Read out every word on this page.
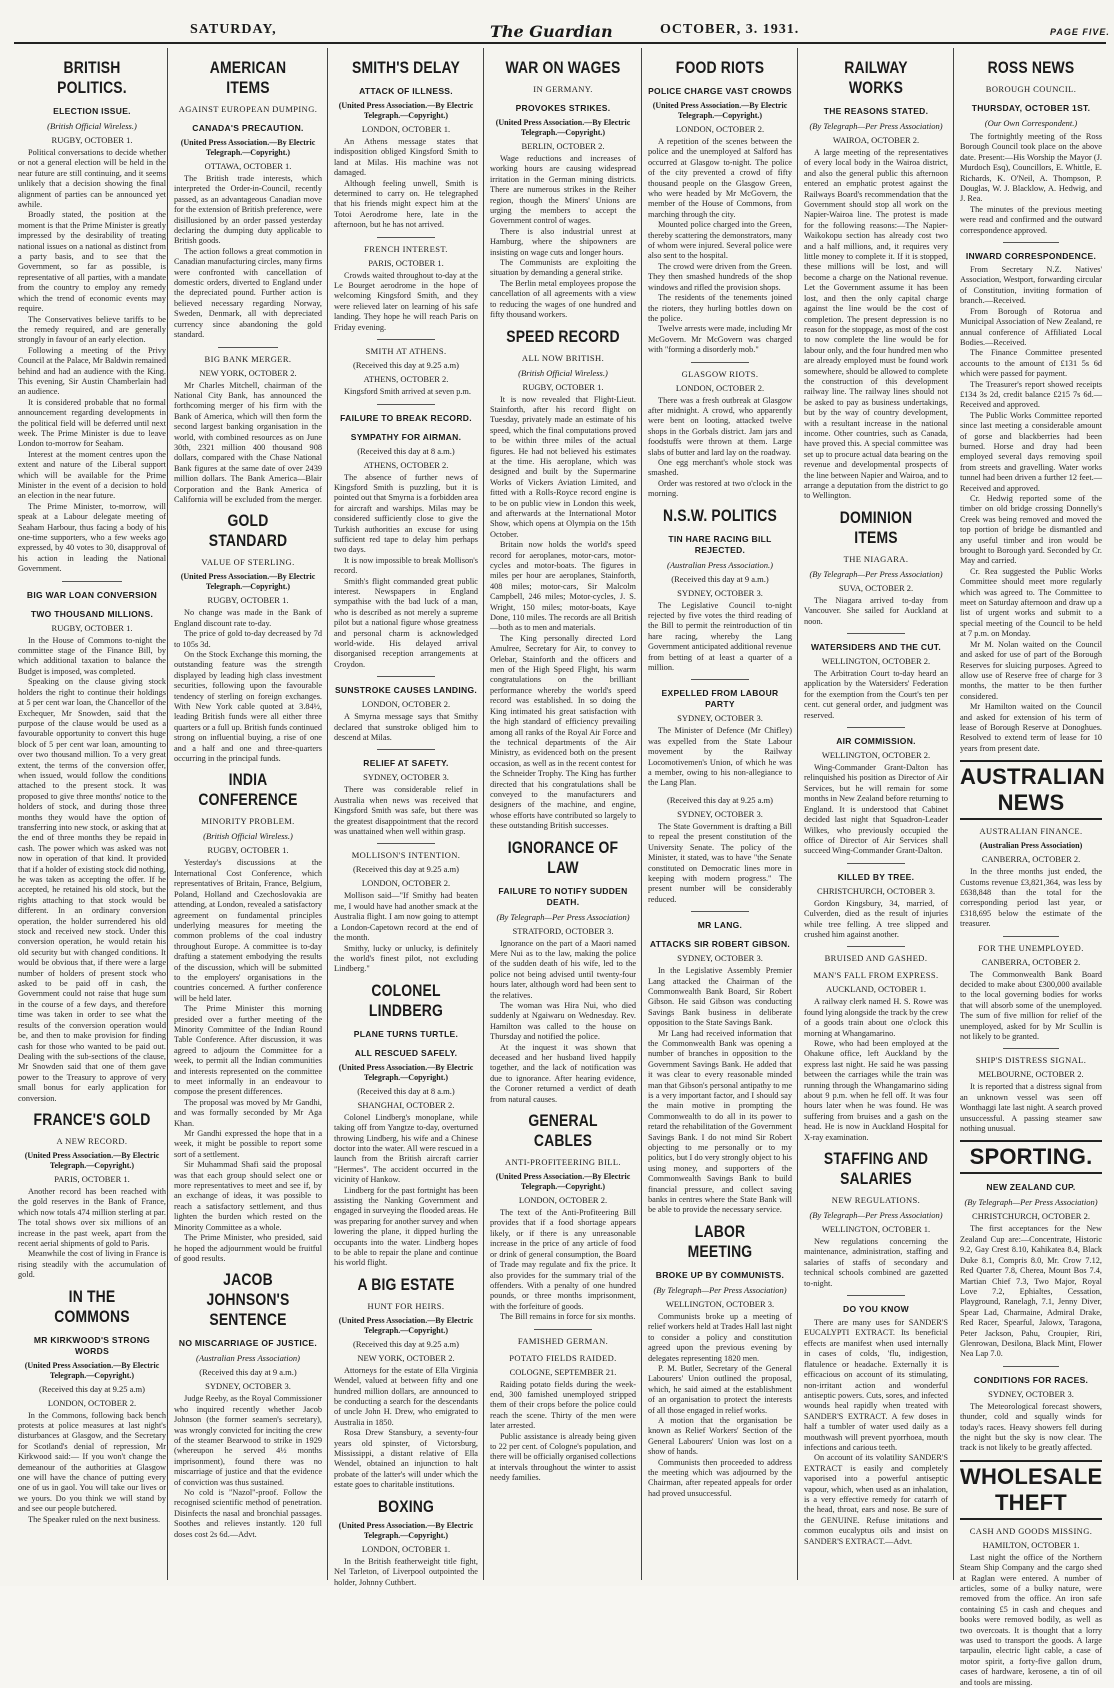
SATURDAY,	The Guardian	OCTOBER, 3. 1931.	PAGE FIVE.
BRITISH POLITICS.
ELECTION ISSUE.
(British Official Wireless.)
RUGBY, OCTOBER 1.

Political conversations to decide whether or not a general election will be held in the near future are still continuing, and it seems unlikely that a decision showing the final alignment of parties can be announced yet awhile.

Broadly stated, the position at the moment is that the Prime Minister is greatly impressed by the desirability of treating national issues on a national as distinct from a party basis, and to see that the Government, so far as possible, is representative of all parties, with a mandate from the country to employ any remedy which the trend of economic events may require.

The Conservatives believe tariffs to be the remedy required, and are generally strongly in favour of an early election.

Following a meeting of the Privy Council at the Palace, Mr Baldwin remained behind and had an audience with the King. This evening, Sir Austin Chamberlain had an audience.

It is considered probable that no formal announcement regarding developments in the political field will be deferred until next week. The Prime Minister is due to leave London to-morrow for Seaham.

Interest at the moment centres upon the extent and nature of the Liberal support which will be available for the Prime Minister in the event of a decision to hold an election in the near future.

The Prime Minister, to-morrow, will speak at a Labour delegate meeting of Seaham Harbour, thus facing a body of his one-time supporters, who a few weeks ago expressed, by 40 votes to 30, disapproval of his action in leading the National Government.

BIG WAR LOAN CONVERSION
TWO THOUSAND MILLIONS.
RUGBY, OCTOBER 1.

In the House of Commons to-night the committee stage of the Finance Bill, by which additional taxation to balance the Budget is imposed, was completed.

Speaking on the clause giving stock holders the right to continue their holdings at 5 per cent war loan, the Chancellor of the Exchequer, Mr Snowden, said that the purpose of the clause would be used as a favourable opportunity to convert this huge block of 5 per cent war loan, amounting to over two thousand million. To a very great extent, the terms of the conversion offer, when issued, would follow the conditions attached to the present stock. It was proposed to give three months' notice to the holders of stock, and during those three months they would have the option of transferring into new stock, or asking that at the end of three months they be repaid in cash. The power which was asked was not now in operation of that kind. It provided that if a holder of existing stock did nothing, he was taken as accepting the offer. If he accepted, he retained his old stock, but the rights attaching to that stock would be different. In an ordinary conversion operation, the holder surrendered his old stock and received new stock. Under this conversion operation, he would retain his old security but with changed conditions. It would be obvious that, if there were a large number of holders of present stock who asked to be paid off in cash, the Government could not raise that huge sum in the course of a few days, and therefore time was taken in order to see what the results of the conversion operation would be, and then to make provision for finding cash for those who wanted to be paid out. Dealing with the sub-sections of the clause, Mr Snowden said that one of them gave power to the Treasury to approve of very small bonus for early application for conversion.

FRANCE'S GOLD
A NEW RECORD.
(United Press Association.—By Electric Telegraph.—Copyright.)
PARIS, OCTOBER 1.

Another record has been reached with the gold reserves in the Bank of France, which now totals 474 million sterling at par. The total shows over six millions of an increase in the past week, apart from the recent aerial shipments of gold to Paris.

Meanwhile the cost of living in France is rising steadily with the accumulation of gold.

IN THE COMMONS
MR KIRKWOOD'S STRONG WORDS
(United Press Association.—By Electric Telegraph.—Copyright.)
(Received this day at 9.25 a.m)
LONDON, OCTOBER 2.

In the Commons, following back bench protests at police measures at last night's disturbances at Glasgow, and the Secretary for Scotland's denial of repression, Mr Kirkwood said:— If you won't change the demeanour of the authorities at Glasgow one will have the chance of putting every one of us in gaol. You will take our lives or we yours. Do you think we will stand by and see our people butchered.

The Speaker ruled on the next business.

AMERICAN ITEMS
AGAINST EUROPEAN DUMPING.
CANADA'S PRECAUTION.
(United Press Association.—By Electric Telegraph.—Copyright.)
OTTAWA, OCTOBER 1.

The British trade interests, which interpreted the Order-in-Council, recently passed, as an advantageous Canadian move for the extension of British preference, were disillusioned by an order passed yesterday declaring the dumping duty applicable to British goods.

The action follows a great commotion in Canadian manufacturing circles, many firms were confronted with cancellation of domestic orders, diverted to England under the depreciated pound. Further action is believed necessary regarding Norway, Sweden, Denmark, all with depreciated currency since abandoning the gold standard.

BIG BANK MERGER.
NEW YORK, OCTOBER 2.

Mr Charles Mitchell, chairman of the National City Bank, has announced the forthcoming merger of his firm with the Bank of America, which will then form the second largest banking organisation in the world, with combined resources as on June 30th, 2321 million 400 thousand 908 dollars, compared with the Chase National Bank figures at the same date of over 2439 million dollars. The Bank America—Blair Corporation and the Bank America of California will be excluded from the merger.

GOLD STANDARD
VALUE OF STERLING.
(United Press Association.—By Electric Telegraph.—Copyright.)
RUGBY, OCTOBER 1.

No change was made in the Bank of England discount rate to-day.

The price of gold to-day decreased by 7d to 105s 3d.

On the Stock Exchange this morning, the outstanding feature was the strength displayed by leading high class investment securities, following upon the favourable tendency of sterling on foreign exchanges. With New York cable quoted at 3.84½, leading British funds were all either three quarters or a full up. British funds continued strong on influential buying, a rise of one and a half and one and three-quarters occurring in the principal funds.

INDIA CONFERENCE
MINORITY PROBLEM.
(British Official Wireless.)
RUGBY, OCTOBER 1.

Yesterday's discussions at the International Cost Conference, which representatives of Britain, France, Belgium, Poland, Holland and Czechoslovakia are attending, at London, revealed a satisfactory agreement on fundamental principles underlying measures for meeting the common problems of the coal industry throughout Europe. A committee is to-day drafting a statement embodying the results of the discussion, which will be submitted to the employers' organisations in the countries concerned. A further conference will be held later.

The Prime Minister this morning presided over a further meeting of the Minority Committee of the Indian Round Table Conference. After discussion, it was agreed to adjourn the Committee for a week, to permit all the Indian communities and interests represented on the committee to meet informally in an endeavour to compose the present differences.

The proposal was moved by Mr Gandhi, and was formally seconded by Mr Aga Khan.

Mr Gandhi expressed the hope that in a week, it might be possible to report some sort of a settlement.

Sir Muhammad Shafi said the proposal was that each group should select one or more representatives to meet and see if, by an exchange of ideas, it was possible to reach a satisfactory settlement, and thus lighten the burden which rested on the Minority Committee as a whole.

The Prime Minister, who presided, said he hoped the adjournment would be fruitful of good results.

JACOB JOHNSON'S SENTENCE
NO MISCARRIAGE OF JUSTICE.
(Australian Press Association)
(Received this day at 9 a.m.)
SYDNEY, OCTOBER 3.

Judge Reeby, as the Royal Commissioner who inquired recently whether Jacob Johnson (the former seamen's secretary), was wrongly convicted for inciting the crew of the steamer Bearwood to strike in 1929 (whereupon he served 4½ months imprisonment), found there was no miscarriage of justice and that the evidence of conviction was thus sustained.

No cold is "Nazol"-proof. Follow the recognised scientific method of penetration. Disinfects the nasal and bronchial passages. Soothes and relieves instantly. 120 full doses cost 2s 6d.—Advt.

SMITH'S DELAY
ATTACK OF ILLNESS.
(United Press Association.—By Electric Telegraph.—Copyright.)
LONDON, OCTOBER 1.

An Athens message states that indisposition obliged Kingsford Smith to land at Milas. His machine was not damaged.

Although feeling unwell, Smith is determined to carry on. He telegraphed that his friends might expect him at the Totoi Aerodrome here, late in the afternoon, but he has not arrived.

FRENCH INTEREST.
PARIS, OCTOBER 1.

Crowds waited throughout to-day at the Le Bourget aerodrome in the hope of welcoming Kingsford Smith, and they were relieved later on learning of his safe landing. They hope he will reach Paris on Friday evening.

SMITH AT ATHENS.
(Received this day at 9.25 a.m)
ATHENS, OCTOBER 2.

Kingsford Smith arrived at seven p.m.

FAILURE TO BREAK RECORD.
SYMPATHY FOR AIRMAN.
(Received this day at 8 a.m.)
ATHENS, OCTOBER 2.

The absence of further news of Kingsford Smith is puzzling, but it is pointed out that Smyrna is a forbidden area for aircraft and warships. Milas may be considered sufficiently close to give the Turkish authorities an excuse for using sufficient red tape to delay him perhaps two days.

It is now impossible to break Mollison's record.

Smith's flight commanded great public interest. Newspapers in England sympathise with the bad luck of a man, who is described as not merely a supreme pilot but a national figure whose greatness and personal charm is acknowledged world-wide. His delayed arrival disorganised reception arrangements at Croydon.

SUNSTROKE CAUSES LANDING.
LONDON, OCTOBER 2.

A Smyrna message says that Smithy declared that sunstroke obliged him to descend at Milas.

RELIEF AT SAFETY.
SYDNEY, OCTOBER 3.

There was considerable relief in Australia when news was received that Kingsford Smith was safe, but there was the greatest disappointment that the record was unattained when well within grasp.

MOLLISON'S INTENTION.
(Received this day at 9.25 a.m)
LONDON, OCTOBER 2.

Mollison said—"If Smithy had beaten me, I would have had another smack at the Australia flight. I am now going to attempt a London-Capetown record at the end of the month.

Smithy, lucky or unlucky, is definitely the world's finest pilot, not excluding Lindberg."

COLONEL LINDBERG
PLANE TURNS TURTLE.
ALL RESCUED SAFELY.
(United Press Association.—By Electric Telegraph.—Copyright.)
(Received this day at 8 a.m.)
SHANGHAI, OCTOBER 2.

Colonel Lindberg's monoplane, while taking off from Yangtze to-day, overturned throwing Lindberg, his wife and a Chinese doctor into the water. All were rescued in a launch from the British aircraft carrier "Hermes". The accident occurred in the vicinity of Hankow.

Lindberg for the past fortnight has been assisting the Nanking Government and engaged in surveying the flooded areas. He was preparing for another survey and when lowering the plane, it dipped hurling the occupants into the water. Lindberg hopes to be able to repair the plane and continue his world flight.

A BIG ESTATE
HUNT FOR HEIRS.
(United Press Association.—By Electric Telegraph.—Copyright.)
(Received this day at 9.25 a.m)
NEW YORK, OCTOBER 2.

Attorneys for the estate of Ella Virginia Wendel, valued at between fifty and one hundred million dollars, are announced to be conducting a search for the descendants of uncle John H. Drew, who emigrated to Australia in 1850.

Rosa Drew Stansbury, a seventy-four years old spinster, of Victorsburg, Mississippi, a distant relative of Ella Wendel, obtained an injunction to halt probate of the latter's will under which the estate goes to charitable institutions.

BOXING
(United Press Association.—By Electric Telegraph.—Copyright.)
LONDON, OCTOBER 1.

In the British featherweight title fight, Nel Tarleton, of Liverpool outpointed the holder, Johnny Cuthbert.

WAR ON WAGES
IN GERMANY.
PROVOKES STRIKES.
(United Press Association.—By Electric Telegraph.—Copyright.)
BERLIN, OCTOBER 2.

Wage reductions and increases of working hours are causing widespread irritation in the German mining districts. There are numerous strikes in the Reiher region, though the Miners' Unions are urging the members to accept the Government control of wages.

There is also industrial unrest at Hamburg, where the shipowners are insisting on wage cuts and longer hours.

The Communists are exploiting the situation by demanding a general strike.

The Berlin metal employees propose the cancellation of all agreements with a view to reducing the wages of one hundred and fifty thousand workers.

SPEED RECORD
ALL NOW BRITISH.
(British Official Wireless.)
RUGBY, OCTOBER 1.

It is now revealed that Flight-Lieut. Stainforth, after his record flight on Tuesday, privately made an estimate of his speed, which the final computations proved to be within three miles of the actual figures. He had not believed his estimates at the time. His aeroplane, which was designed and built by the Supermarine Works of Vickers Aviation Limited, and fitted with a Rolls-Royce record engine is to be on public view in London this week, and afterwards at the International Motor Show, which opens at Olympia on the 15th October.

Britain now holds the world's speed record for aeroplanes, motor-cars, motor-cycles and motor-boats. The figures in miles per hour are aeroplanes, Stainforth, 408 miles; motor-cars, Sir Malcolm Campbell, 246 miles; Motor-cycles, J. S. Wright, 150 miles; motor-boats, Kaye Done, 110 miles. The records are all British—both as to men and materials.

The King personally directed Lord Amulree, Secretary for Air, to convey to Orlebar, Stainforth and the officers and men of the High Speed Flight, his warm congratulations on the brilliant performance whereby the world's speed record was established. In so doing the King intimated his great satisfaction with the high standard of efficiency prevailing among all ranks of the Royal Air Force and the technical departments of the Air Ministry, as evidenced both on the present occasion, as well as in the recent contest for the Schneider Trophy. The King has further directed that his congratulations shall be conveyed to the manufacturers and designers of the machine, and engine, whose efforts have contributed so largely to these outstanding British successes.

IGNORANCE OF LAW
FAILURE TO NOTIFY SUDDEN DEATH.
(By Telegraph—Per Press Association)
STRATFORD, OCTOBER 3.

Ignorance on the part of a Maori named Mere Nui as to the law, making the police of the sudden death of his wife, led to the police not being advised until twenty-four hours later, although word had been sent to the relatives.

The woman was Hira Nui, who died suddenly at Ngaiwaru on Wednesday. Rev. Hamilton was called to the house on Thursday and notified the police.

At the inquest it was shown that deceased and her husband lived happily together, and the lack of notification was due to ignorance. After hearing evidence, the Coroner returned a verdict of death from natural causes.

GENERAL CABLES
ANTI-PROFITEERING BILL.
(United Press Association.—By Electric Telegraph.—Copyright.)
LONDON, OCTOBER 2.

The text of the Anti-Profiteering Bill provides that if a food shortage appears likely, or if there is any unreasonable increase in the price of any article of food or drink of general consumption, the Board of Trade may regulate and fix the price. It also provides for the summary trial of the offenders. With a penalty of one hundred pounds, or three months imprisonment, with the forfeiture of goods.

The Bill remains in force for six months.

FAMISHED GERMAN.
POTATO FIELDS RAIDED.
COLOGNE, SEPTEMBER 21.

Raiding potato fields during the week-end, 300 famished unemployed stripped them of their crops before the police could reach the scene. Thirty of the men were later arrested.

Public assistance is already being given to 22 per cent. of Cologne's population, and there will be officially organised collections at intervals throughout the winter to assist needy families.

FOOD RIOTS
POLICE CHARGE VAST CROWDS
(United Press Association.—By Electric Telegraph.—Copyright.)
LONDON, OCTOBER 2.

A repetition of the scenes between the police and the unemployed at Salford has occurred at Glasgow to-night. The police of the city prevented a crowd of fifty thousand people on the Glasgow Green, who were headed by Mr McGovern, the member of the House of Commons, from marching through the city.

Mounted police charged into the Green, thereby scattering the demonstrators, many of whom were injured. Several police were also sent to the hospital.

The crowd were driven from the Green. They then smashed hundreds of the shop windows and rifled the provision shops.

The residents of the tenements joined the rioters, they hurling bottles down on the police.

Twelve arrests were made, including Mr McGovern. Mr McGovern was charged with "forming a disorderly mob."

GLASGOW RIOTS.
LONDON, OCTOBER 2.

There was a fresh outbreak at Glasgow after midnight. A crowd, who apparently were bent on looting, attacked twelve shops in the Gorbals district. Jam jars and foodstuffs were thrown at them. Large slabs of butter and lard lay on the roadway.

One egg merchant's whole stock was smashed.

Order was restored at two o'clock in the morning.

N.S.W. POLITICS
TIN HARE RACING BILL REJECTED.
(Australian Press Association.)
(Received this day at 9 a.m.)
SYDNEY, OCTOBER 3.

The Legislative Council to-night rejected by five votes the third reading of the Bill to permit the reintroduction of tin hare racing, whereby the Lang Government anticipated additional revenue from betting of at least a quarter of a million.

EXPELLED FROM LABOUR PARTY
SYDNEY, OCTOBER 3.

The Minister of Defence (Mr Chifley) was expelled from the State Labour movement by the Railway Locomotivemen's Union, of which he was a member, owing to his non-allegiance to the Lang Plan.

(Received this day at 9.25 a.m)
SYDNEY, OCTOBER 3.

The State Government is drafting a Bill to repeal the present constitution of the University Senate. The policy of the Minister, it stated, was to have "the Senate constituted on Democratic lines more in keeping with modern progress." The present number will be considerably reduced.

MR LANG.
ATTACKS SIR ROBERT GIBSON.
SYDNEY, OCTOBER 3.

In the Legislative Assembly Premier Lang attacked the Chairman of the Commonwealth Bank Board, Sir Robert Gibson. He said Gibson was conducting Savings Bank business in deliberate opposition to the State Savings Bank.

Mr Lang had received information that the Commonwealth Bank was opening a number of branches in opposition to the Government Savings Bank. He added that it was clear to every reasonable minded man that Gibson's personal antipathy to me is a very important factor, and I should say the main motive in prompting the Commonwealth to do all in its power to retard the rehabilitation of the Government Savings Bank. I do not mind Sir Robert objecting to me personally or to my politics, but I do very strongly object to his using money, and supporters of the Commonwealth Savings Bank to build financial pressure, and collect saving banks in centres where the State Bank will be able to provide the necessary service.

LABOR MEETING
BROKE UP BY COMMUNISTS.
(By Telegraph—Per Press Association)
WELLINGTON, OCTOBER 3.

Communists broke up a meeting of relief workers held at Trades Hall last night to consider a policy and constitution agreed upon the previous evening by delegates representing 1820 men.

P. M. Butler, Secretary of the General Labourers' Union outlined the proposal, which, he said aimed at the establishment of an organisation to protect the interests of all those engaged in relief works.

A motion that the organisation be known as Relief Workers' Section of the General Labourers' Union was lost on a show of hands.

Communists then proceeded to address the meeting which was adjourned by the Chairman, after repeated appeals for order had proved unsuccessful.

RAILWAY WORKS
THE REASONS STATED.
(By Telegraph—Per Press Association)
WAIROA, OCTOBER 2.

A large meeting of the representatives of every local body in the Wairoa district, and also the general public this afternoon entered an emphatic protest against the Railways Board's recommendation that the Government should stop all work on the Napier-Wairoa line. The protest is made for the following reasons:—The Napier-Waikokopu section has already cost two and a half millions, and, it requires very little money to complete it. If it is stopped, these millions will be lost, and will become a charge on the National revenue. Let the Government assume it has been lost, and then the only capital charge against the line would be the cost of completion. The present depression is no reason for the stoppage, as most of the cost to now complete the line would be for labour only, and the four hundred men who are already employed must be found work somewhere, should be allowed to complete the construction of this development railway line. The railway lines should not be asked to pay as business undertakings, but by the way of country development, with a resultant increase in the national income. Other countries, such as Canada, have proved this. A special committee was set up to procure actual data bearing on the revenue and developmental prospects of the line between Napier and Wairoa, and to arrange a deputation from the district to go to Wellington.

DOMINION ITEMS
THE NIAGARA.
(By Telegraph—Per Press Association)
SUVA, OCTOBER 2.

The Niagara arrived to-day from Vancouver. She sailed for Auckland at noon.

WATERSIDERS AND THE CUT.
WELLINGTON, OCTOBER 2.

The Arbitration Court to-day heard an application by the Watersiders' Federation for the exemption from the Court's ten per cent. cut general order, and judgment was reserved.

AIR COMMISSION.
WELLINGTON, OCTOBER 2.

Wing-Commander Grant-Dalton has relinquished his position as Director of Air Services, but he will remain for some months in New Zealand before returning to England. It is understood that Cabinet decided last night that Squadron-Leader Wilkes, who previously occupied the office of Director of Air Services shall succeed Wing-Commander Grant-Dalton.

KILLED BY TREE.
CHRISTCHURCH, OCTOBER 3.

Gordon Kingsbury, 34, married, of Culverden, died as the result of injuries while tree felling. A tree slipped and crushed him against another.

BRUISED AND GASHED.
MAN'S FALL FROM EXPRESS.
AUCKLAND, OCTOBER 1.

A railway clerk named H. S. Rowe was found lying alongside the track by the crew of a goods train about one o'clock this morning at Whangamarino.

Rowe, who had been employed at the Ohakune office, left Auckland by the express last night. He said he was passing between the carriages while the train was running through the Whangamarino siding about 9 p.m. when he fell off. It was four hours later when he was found. He was suffering from bruises and a gash on the head. He is now in Auckland Hospital for X-ray examination.

STAFFING AND SALARIES
NEW REGULATIONS.
(By Telegraph—Per Press Association)
WELLINGTON, OCTOBER 1.

New regulations concerning the maintenance, administration, staffing and salaries of staffs of secondary and technical schools combined are gazetted to-night.

DO YOU KNOW

There are many uses for SANDER'S EUCALYPTI EXTRACT. Its beneficial effects are manifest when used internally in cases of colds, 'flu, indigestion, flatulence or headache. Externally it is efficacious on account of its stimulating, non-irritant action and wonderful antiseptic powers. Cuts, sores, and infected wounds heal rapidly when treated with SANDER'S EXTRACT. A few doses in half a tumbler of water used daily as a mouthwash will prevent pyorrhoea, mouth infections and carious teeth.

On account of its volatility SANDER'S EXTRACT is easily and completely vaporised into a powerful antiseptic vapour, which, when used as an inhalation, is a very effective remedy for catarrh of the head, throat, ears and nose. Be sure of the GENUINE. Refuse imitations and common eucalyptus oils and insist on SANDER'S EXTRACT.—Advt.

ROSS NEWS
BOROUGH COUNCIL.
THURSDAY, OCTOBER 1ST.
(Our Own Correspondent.)

The fortnightly meeting of the Ross Borough Council took place on the above date. Present:—His Worship the Mayor (J. Murdoch Esq), Councillors, E. Whittle, E. Richards, K. O'Neil, A. Thompson, P. Douglas, W. J. Blacklow, A. Hedwig, and J. Rea.

The minutes of the previous meeting were read and confirmed and the outward correspondence approved.

INWARD CORRESPONDENCE.

From Secretary N.Z. Natives' Association, Westport, forwarding circular of Constitution, inviting formation of branch.—Received.

From Borough of Rotorua and Municipal Association of New Zealand, re annual conference of Affiliated Local Bodies.—Received.

The Finance Committee presented accounts to the amount of £131 5s 6d which were passed for payment.

The Treasurer's report showed receipts £134 3s 2d, credit balance £215 7s 6d.—Received and approved.

The Public Works Committee reported since last meeting a considerable amount of gorse and blackberries had been burned. Horse and dray had been employed several days removing spoil from streets and gravelling. Water works tunnel had been driven a further 12 feet.—Received and approved.

Cr. Hedwig reported some of the timber on old bridge crossing Donnelly's Creek was being removed and moved the top portion of bridge be dismantled and any useful timber and iron would be brought to Borough yard. Seconded by Cr. May and carried.

Cr. Rea suggested the Public Works Committee should meet more regularly which was agreed to. The Committee to meet on Saturday afternoon and draw up a list of urgent works and submit to a special meeting of the Council to be held at 7 p.m. on Monday.

Mr M. Nolan waited on the Council and asked for use of part of the Borough Reserves for sluicing purposes. Agreed to allow use of Reserve free of charge for 3 months, the matter to be then further considered.

Mr Hamilton waited on the Council and asked for extension of his term of lease of Borough Reserve at Donoghues. Resolved to extend term of lease for 10 years from present date.

AUSTRALIAN NEWS
AUSTRALIAN FINANCE.
(Australian Press Association)
CANBERRA, OCTOBER 2.

In the three months just ended, the Customs revenue £3,821,364, was less by £638,848 than the total for the corresponding period last year, or £318,695 below the estimate of the treasurer.

FOR THE UNEMPLOYED.
CANBERRA, OCTOBER 2.

The Commonwealth Bank Board decided to make about £300,000 available to the local governing bodies for works that will absorb some of the unemployed. The sum of five million for relief of the unemployed, asked for by Mr Scullin is not likely to be granted.

SHIP'S DISTRESS SIGNAL.
MELBOURNE, OCTOBER 2.

It is reported that a distress signal from an unknown vessel was seen off Wonthaggi late last night. A search proved unsuccessful. A passing steamer saw nothing unusual.

SPORTING.
NEW ZEALAND CUP.
(By Telegraph—Per Press Association)
CHRISTCHURCH, OCTOBER 2.

The first acceptances for the New Zealand Cup are:—Concentrate, Historic 9.2, Gay Crest 8.10, Kahikatea 8.4, Black Duke 8.1, Compris 8.0, Mr. Crow 7.12, Red Quarter 7.8, Cherea, Mount Bos 7.4, Martian Chief 7.3, Two Major, Royal Love 7.2, Ephialtes, Cessation, Playground, Ranelagh, 7.1, Jenny Diver, Spear Lad, Charmaine, Admiral Drake, Red Racer, Spearful, Jalowx, Taragona, Peter Jackson, Pahu, Croupier, Riri, Glenrowan, Desilona, Black Mint, Flower Nea Lap 7.0.

CONDITIONS FOR RACES.
SYDNEY, OCTOBER 3.

The Meteorological forecast showers, thunder, cold and squally winds for today's races. Heavy showers fell during the night but the sky is now clear. The track is not likely to be greatly affected.

WHOLESALE THEFT
CASH AND GOODS MISSING.
HAMILTON, OCTOBER 1.

Last night the office of the Northern Steam Ship Company and the cargo shed at Raglan were entered. A number of articles, some of a bulky nature, were removed from the office. An iron safe containing £5 in cash and cheques and books were removed bodily, as well as two overcoats. It is thought that a lorry was used to transport the goods. A large tarpaulin, electric light cable, a case of motor spirit, a forty-five gallon drum, cases of hardware, kerosene, a tin of oil and tools are missing.
